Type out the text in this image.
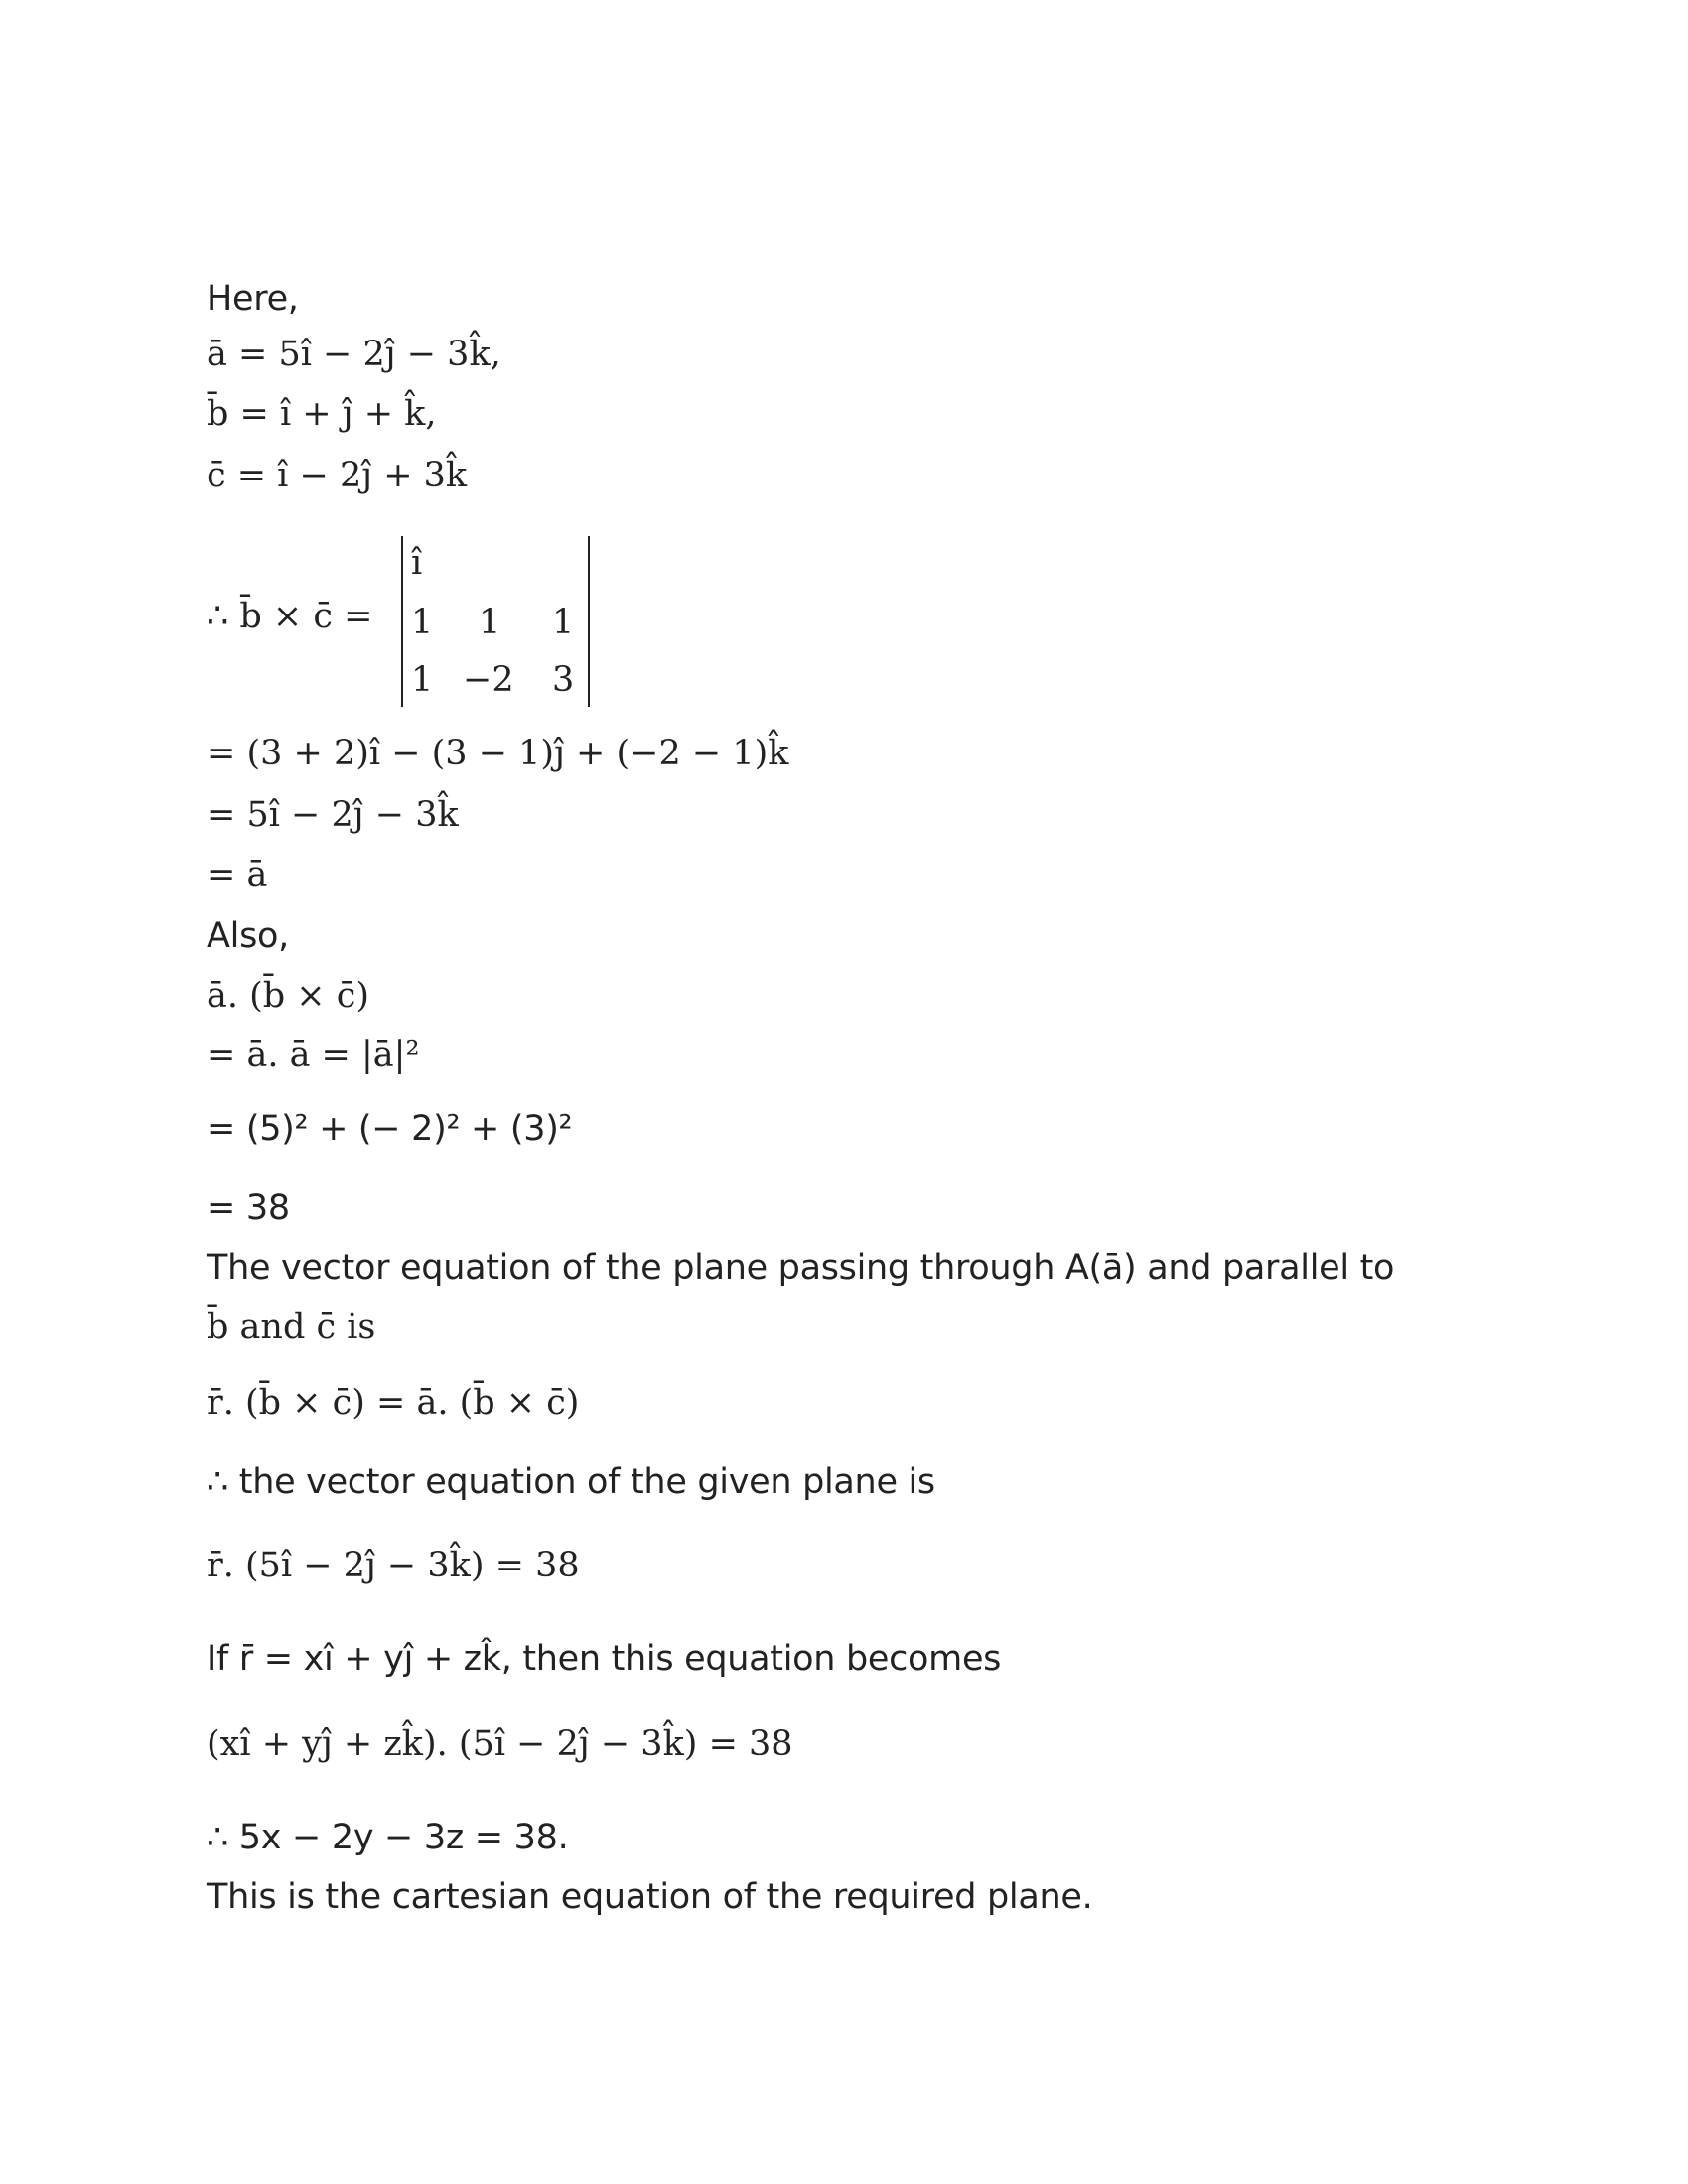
Here,
ā = 5î − 2ĵ − 3k̂,
b̄ = î + ĵ + k̂,
c̄ = î − 2ĵ + 3k̂
∴ b̄ × c̄ =
î
1 1 1
1 −2 3
= (3 + 2)î − (3 − 1)ĵ + (−2 − 1)k̂
= 5î − 2ĵ − 3k̂
= ā
Also,
ā. (b̄ × c̄)
= ā. ā = |ā|²
= (5)² + (− 2)² + (3)²
= 38
The vector equation of the plane passing through A(ā) and parallel to
b̄ and c̄ is
r̄. (b̄ × c̄) = ā. (b̄ × c̄)
∴ the vector equation of the given plane is
r̄. (5î − 2ĵ − 3k̂) = 38
If r̄ = xî + yĵ + zk̂, then this equation becomes
(xî + yĵ + zk̂). (5î − 2ĵ − 3k̂) = 38
∴ 5x − 2y − 3z = 38.
This is the cartesian equation of the required plane.
